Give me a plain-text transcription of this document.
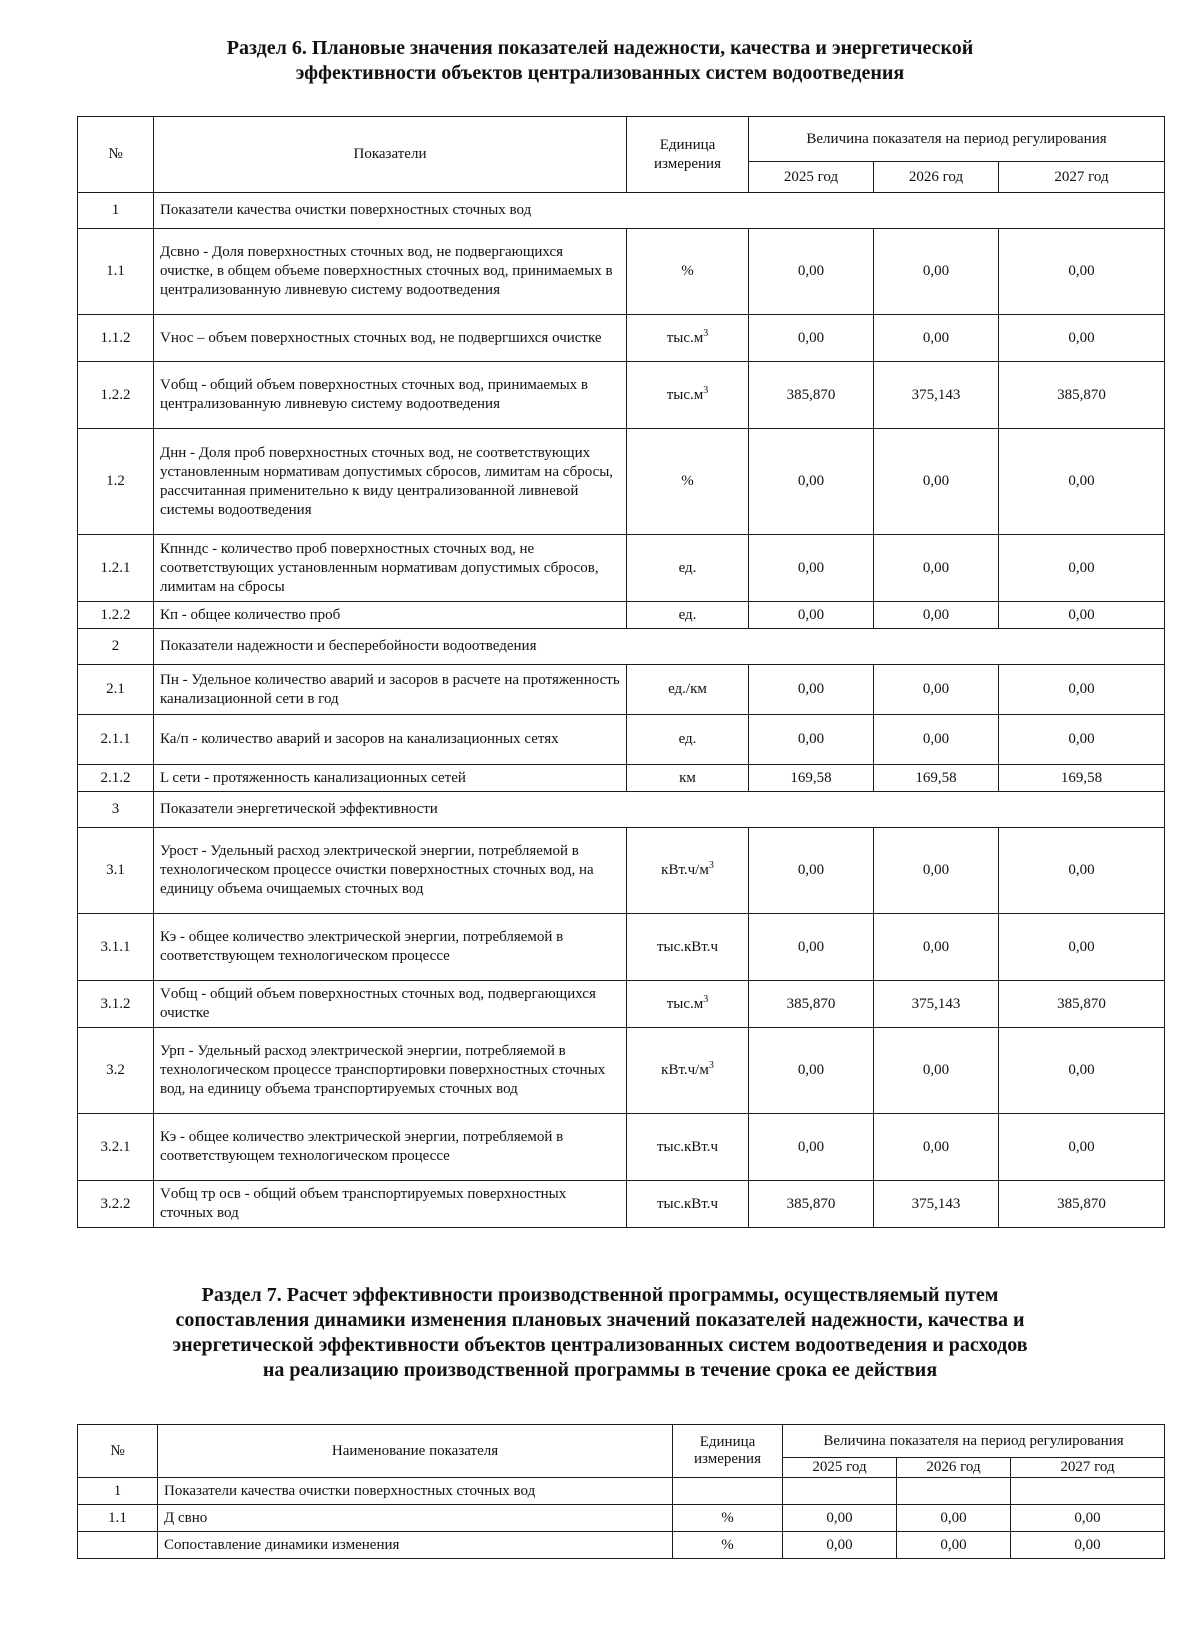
Раздел 6. Плановые значения показателей надежности, качества и энергетической
эффективности объектов централизованных систем водоотведения
№	Показатели	Единица измерения	Величина показателя на период регулирования		
			2025 год	2026 год	2027 год
1	Показатели качества очистки поверхностных сточных вод				
1.1	Дсвно - Доля поверхностных сточных вод, не подвергающихся очистке, в общем объеме поверхностных сточных вод, принимаемых в централизованную ливневую систему водоотведения	%	0,00	0,00	0,00
1.1.2	Vнос – объем поверхностных сточных вод, не подвергшихся очистке	$тыс.м^3$	0,00	0,00	0,00
1.2.2	Vобщ - общий объем поверхностных сточных вод, принимаемых в централизованную ливневую систему водоотведения	$тыс.м^3$	385,870	375,143	385,870
1.2	Днн - Доля проб поверхностных сточных вод, не соответствующих установленным нормативам допустимых сбросов, лимитам на сбросы, рассчитанная применительно к виду централизованной ливневой системы водоотведения	%	0,00	0,00	0,00
1.2.1	Кпнндс - количество проб поверхностных сточных вод, не соответствующих установленным нормативам допустимых сбросов, лимитам на сбросы	ед.	0,00	0,00	0,00
1.2.2	Кп - общее количество проб	ед.	0,00	0,00	0,00
2	Показатели надежности и бесперебойности водоотведения				
2.1	Пн - Удельное количество аварий и засоров в расчете на протяженность канализационной сети в год	ед./км	0,00	0,00	0,00
2.1.1	Ка/п - количество аварий и засоров на канализационных сетях	ед.	0,00	0,00	0,00
2.1.2	L сети - протяженность канализационных сетей	км	169,58	169,58	169,58
3	Показатели энергетической эффективности				
3.1	Урост - Удельный расход электрической энергии, потребляемой в технологическом процессе очистки поверхностных сточных вод, на единицу объема очищаемых сточных вод	$кВт.ч/м^3$	0,00	0,00	0,00
3.1.1	Кэ - общее количество электрической энергии, потребляемой в соответствующем технологическом процессе	тыс.кВт.ч	0,00	0,00	0,00
3.1.2	Vобщ - общий объем поверхностных сточных вод, подвергающихся очистке	$тыс.м^3$	385,870	375,143	385,870
3.2	Урп - Удельный расход электрической энергии, потребляемой в технологическом процессе транспортировки поверхностных сточных вод, на единицу объема транспортируемых сточных вод	$кВт.ч/м^3$	0,00	0,00	0,00
3.2.1	Кэ - общее количество электрической энергии, потребляемой в соответствующем технологическом процессе	тыс.кВт.ч	0,00	0,00	0,00
3.2.2	Vобщ тр осв - общий объем транспортируемых поверхностных сточных вод	тыс.кВт.ч	385,870	375,143	385,870
Раздел 7. Расчет эффективности производственной программы, осуществляемый путем
сопоставления динамики изменения плановых значений показателей надежности, качества и
энергетической эффективности объектов централизованных систем водоотведения и расходов
на реализацию производственной программы в течение срока ее действия
№	Наименование показателя	Единица измерения	Величина показателя на период регулирования		
			2025 год	2026 год	2027 год
1	Показатели качества очистки поверхностных сточных вод				
1.1	Д свно	%	0,00	0,00	0,00
	Сопоставление динамики изменения	%	0,00	0,00	0,00
